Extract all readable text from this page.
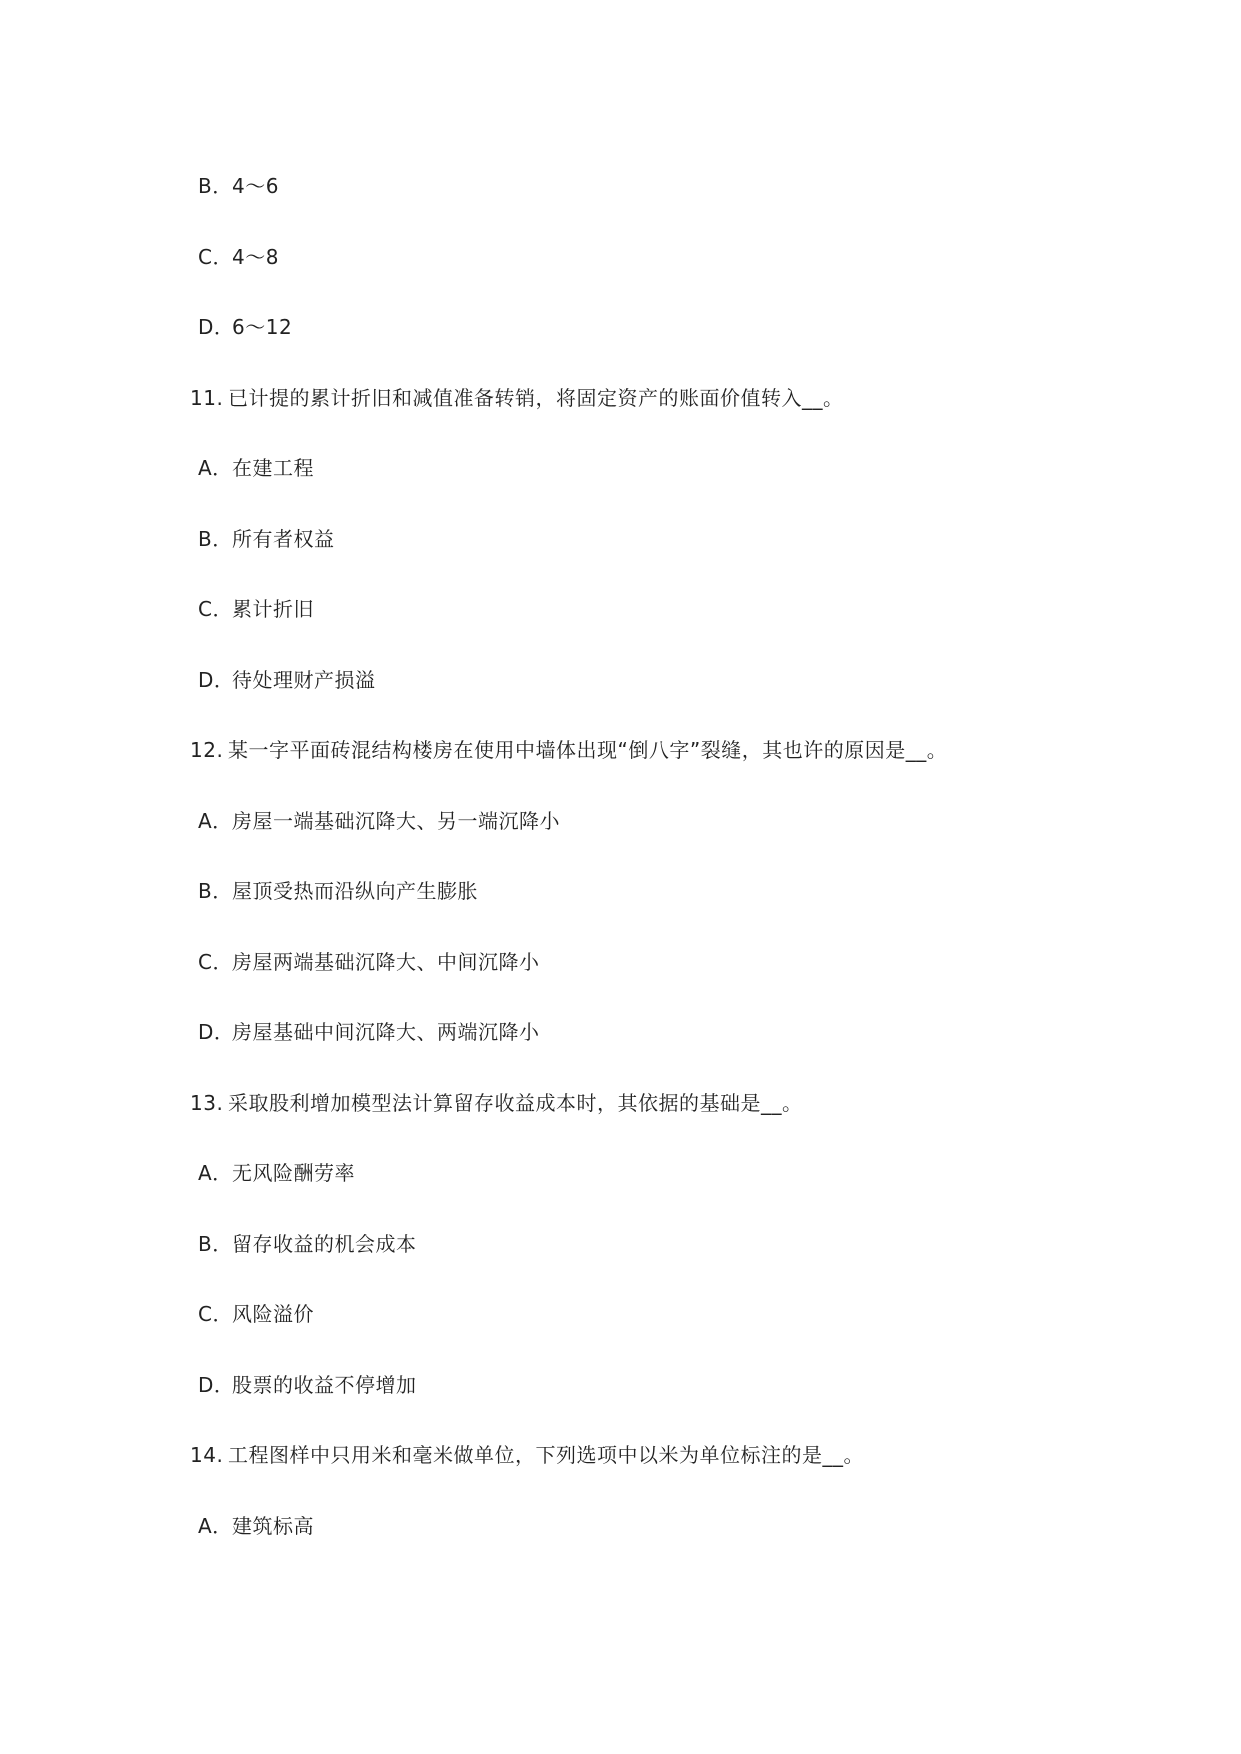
B．4～6
C．4～8
D．6～12
11. 已计提的累计折旧和减值准备转销，将固定资产的账面价值转入__。
A．在建工程
B．所有者权益
C．累计折旧
D．待处理财产损溢
12. 某一字平面砖混结构楼房在使用中墙体出现“倒八字”裂缝，其也许的原因是__。
A．房屋一端基础沉降大、另一端沉降小
B．屋顶受热而沿纵向产生膨胀
C．房屋两端基础沉降大、中间沉降小
D．房屋基础中间沉降大、两端沉降小
13. 采取股利增加模型法计算留存收益成本时，其依据的基础是__。
A．无风险酬劳率
B．留存收益的机会成本
C．风险溢价
D．股票的收益不停增加
14. 工程图样中只用米和毫米做单位，下列选项中以米为单位标注的是__。
A．建筑标高
